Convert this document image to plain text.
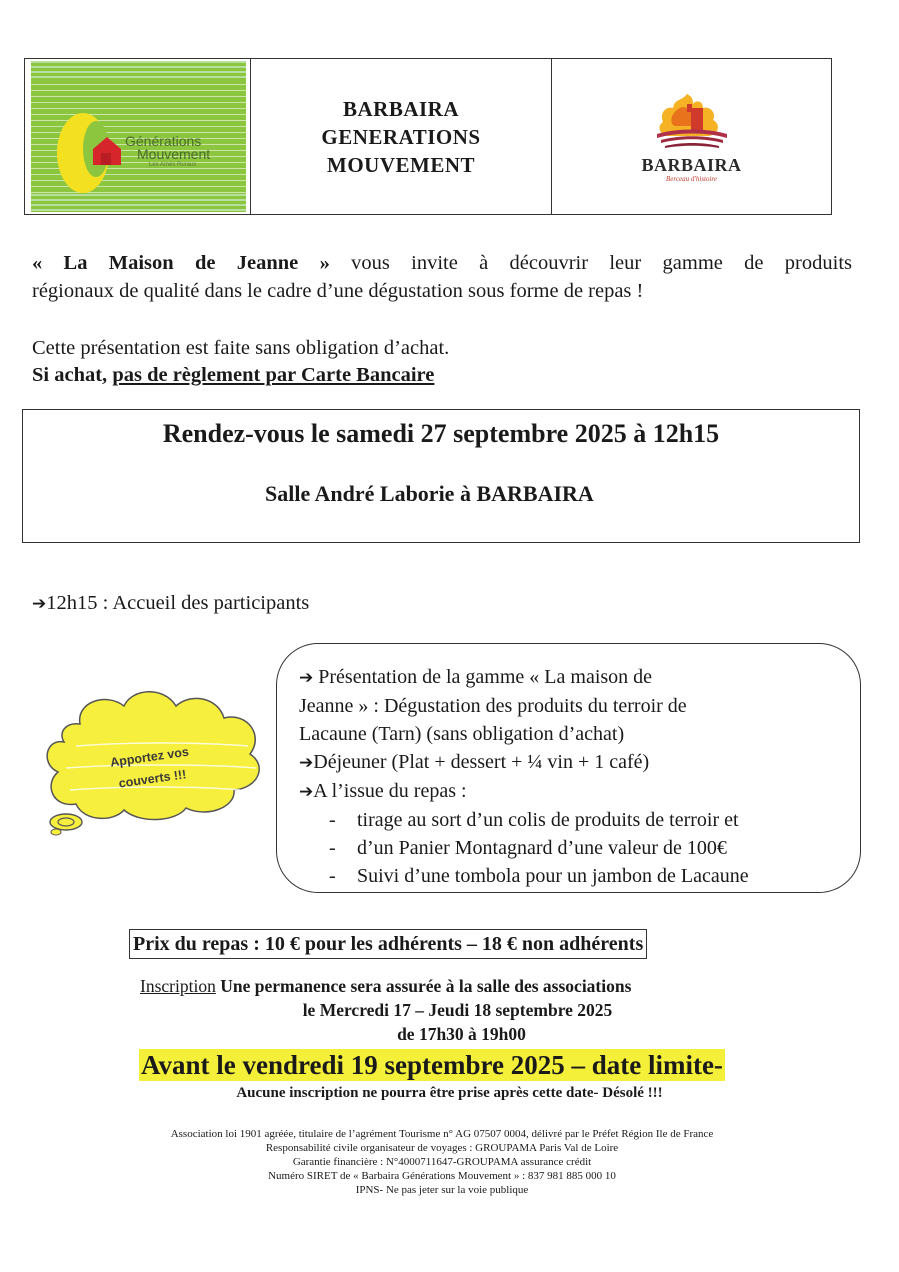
Générations
Mouvement
Les Aînés Ruraux
BARBAIRA
GENERATIONS
MOUVEMENT	BARBAIRA
Berceau d'histoire
« La Maison de Jeanne » vous invite à découvrir leur gamme de produits
régionaux de qualité dans le cadre d’une dégustation sous forme de repas !
Cette présentation est faite sans obligation d’achat.
Si achat, pas de règlement par Carte Bancaire
Rendez-vous le samedi 27 septembre 2025 à 12h15
Salle André Laborie à BARBAIRA
➔12h15 : Accueil des participants
Apportez vos
couverts !!!
➔ Présentation de la gamme « La maison de
Jeanne » : Dégustation des produits du terroir de
Lacaune (Tarn) (sans obligation d’achat)
➔Déjeuner (Plat + dessert + ¼ vin + 1 café)
➔A l’issue du repas :
- tirage au sort d’un colis de produits de terroir et
- d’un Panier Montagnard d’une valeur de 100€
- Suivi d’une tombola pour un jambon de Lacaune
Prix du repas : 10 € pour les adhérents – 18 € non adhérents
Inscription Une permanence sera assurée à la salle des associations
le Mercredi 17 – Jeudi 18 septembre 2025
de 17h30 à 19h00
Avant le vendredi 19 septembre 2025 – date limite-
Aucune inscription ne pourra être prise après cette date- Désolé !!!
Association loi 1901 agréée, titulaire de l’agrément Tourisme n° AG 07507 0004, délivré par le Préfet Région Ile de France
Responsabilité civile organisateur de voyages : GROUPAMA Paris Val de Loire
Garantie financière : N°4000711647-GROUPAMA assurance crédit
Numéro SIRET de « Barbaira Générations Mouvement » : 837 981 885 000 10
IPNS- Ne pas jeter sur la voie publique
